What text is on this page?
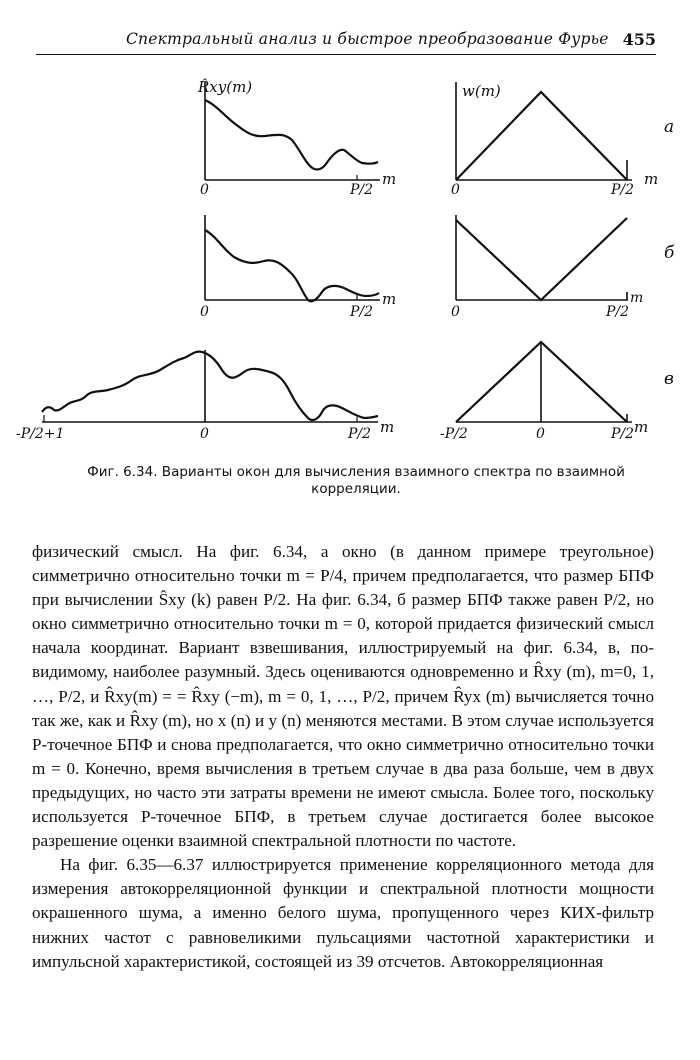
Спектральный анализ и быстрое преобразование Фурье 455
R̂xy(m)
0	P/2
m
w(m)
0	P/2
m
а
0	P/2
m
0	P/2
m
б
-P/2+1	0	P/2 m	-P/2	0	P/2 m
в
Фиг. 6.34. Варианты окон для вычисления взаимного спектра по взаимной корреляции.

физический смысл. На фиг. 6.34, а окно (в данном примере треугольное) симметрично относительно точки m = P/4, причем предполагается, что размер БПФ при вычислении Ŝxy (k) равен P/2. На фиг. 6.34, б размер БПФ также равен P/2, но окно симметрично относительно точки m = 0, которой придается физический смысл начала координат. Вариант взвешивания, иллюстрируемый на фиг. 6.34, в, по-видимому, наиболее разумный. Здесь оцениваются одновременно и R̂xy (m), m=0, 1, …, P/2, и R̂xy(m) = = R̂xy (−m), m = 0, 1, …, P/2, причем R̂yx (m) вычисляется точно так же, как и R̂xy (m), но x (n) и y (n) меняются местами. В этом случае используется P-точечное БПФ и снова предполагается, что окно симметрично относительно точки m = 0. Конечно, время вычисления в третьем случае в два раза больше, чем в двух предыдущих, но часто эти затраты времени не имеют смысла. Более того, поскольку используется P-точечное БПФ, в третьем случае достигается более высокое разрешение оценки взаимной спектральной плотности по частоте.

На фиг. 6.35—6.37 иллюстрируется применение корреляционного метода для измерения автокорреляционной функции и спектральной плотности мощности окрашенного шума, а именно белого шума, пропущенного через КИХ-фильтр нижних частот с равновеликими пульсациями частотной характеристики и импульсной характеристикой, состоящей из 39 отсчетов. Автокорреляционная
